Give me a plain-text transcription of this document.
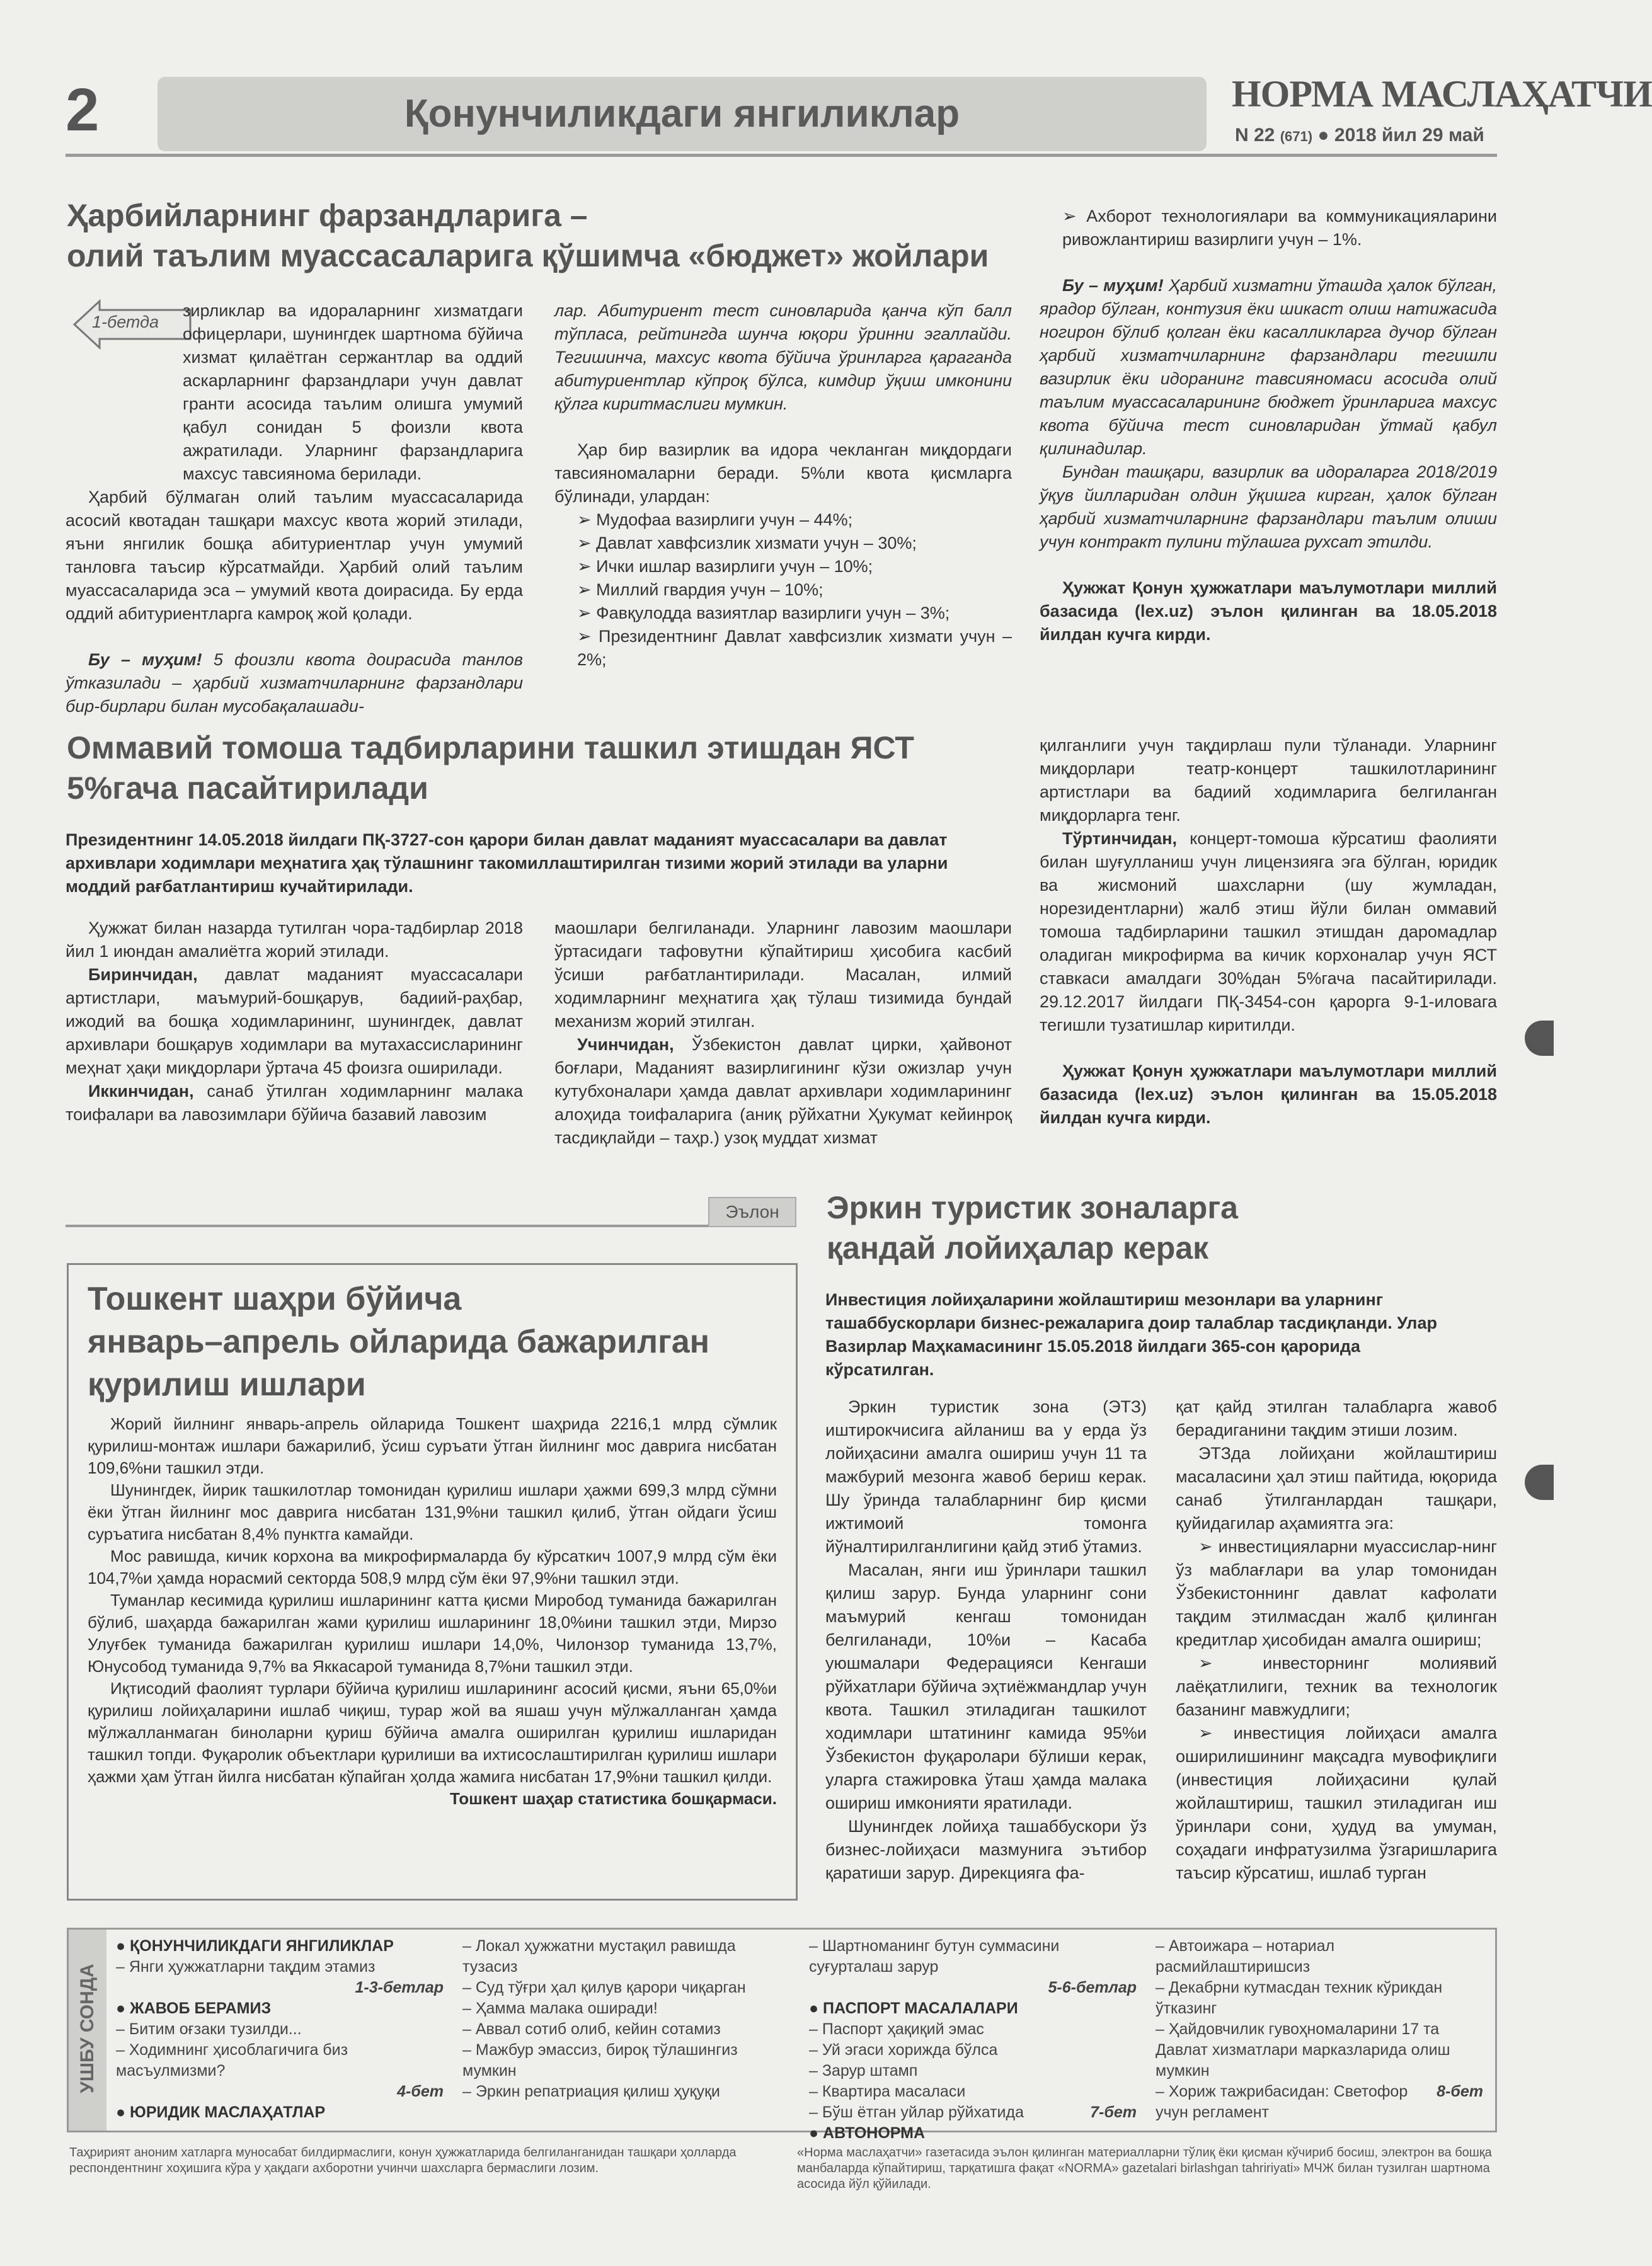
2	Қонунчиликдаги янгиликлар	НОРМА МАСЛАҲАТЧИ
N 22 (671) ● 2018 йил 29 май
Ҳарбийларнинг фарзандларига –
олий таълим муассасаларига қўшимча «бюджет» жойлари
1-бетда

зирликлар ва идораларнинг хизматдаги офицерлари, шунингдек шартнома бўйича хизмат қилаётган сержантлар ва оддий аскарларнинг фарзандлари учун давлат гранти асосида таълим олишга умумий қабул сонидан 5 фоизли квота ажратилади. Уларнинг фарзандларига махсус тавсиянома берилади.

Ҳарбий бўлмаган олий таълим муассасаларида асосий квотадан ташқари махсус квота жорий этилади, яъни янгилик бошқа абитуриентлар учун умумий танловга таъсир кўрсатмайди. Ҳарбий олий таълим муассасаларида эса – умумий квота доирасида. Бу ерда оддий абитуриентларга камроқ жой қолади.

Бу – муҳим! 5 фоизли квота доирасида танлов ўтказилади – ҳарбий хизматчиларнинг фарзандлари бир-бирлари билан мусобақалашади-

лар. Абитуриент тест синовларида қанча кўп балл тўпласа, рейтингда шунча юқори ўринни эгаллайди. Тегишинча, махсус квота бўйича ўринларга қараганда абитуриентлар кўпроқ бўлса, кимдир ўқиш имконини қўлга киритмаслиги мумкин.

Ҳар бир вазирлик ва идора чекланган миқдордаги тавсияномаларни беради. 5%ли квота қисмларга бўлинади, улардан:

➢ Мудофаа вазирлиги учун – 44%;
➢ Давлат хавфсизлик хизмати учун – 30%;
➢ Ички ишлар вазирлиги учун – 10%;
➢ Миллий гвардия учун – 10%;
➢ Фавқулодда вазиятлар вазирлиги учун – 3%;
➢ Президентнинг Давлат хавфсизлик хизмати учун – 2%;
➢ Ахборот технологиялари ва коммуникацияларини ривожлантириш вазирлиги учун – 1%.

Бу – муҳим! Ҳарбий хизматни ўташда ҳалок бўлган, ярадор бўлган, контузия ёки шикаст олиш натижасида ногирон бўлиб қолган ёки касалликларга дучор бўлган ҳарбий хизматчиларнинг фарзандлари тегишли вазирлик ёки идоранинг тавсияномаси асосида олий таълим муассасаларининг бюджет ўринларига махсус квота бўйича тест синовларидан ўтмай қабул қилинадилар.

Бундан ташқари, вазирлик ва идораларга 2018/2019 ўқув йилларидан олдин ўқишга кирган, ҳалок бўлган ҳарбий хизматчиларнинг фарзандлари таълим олиши учун контракт пулини тўлашга рухсат этилди.

Ҳужжат Қонун ҳужжатлари маълумотлари миллий базасида (lex.uz) эълон қилинган ва 18.05.2018 йилдан кучга кирди.

Оммавий томоша тадбирларини ташкил этишдан ЯСТ
5%гача пасайтирилади
Президентнинг 14.05.2018 йилдаги ПҚ-3727-сон қарори билан давлат маданият муассасалари ва давлат архивлари ходимлари меҳнатига ҳақ тўлашнинг такомиллаштирилган тизими жорий этилади ва уларни моддий рағбатлантириш кучайтирилади.

Ҳужжат билан назарда тутилган чора-тадбирлар 2018 йил 1 июндан амалиётга жорий этилади.

Биринчидан, давлат маданият муассасалари артистлари, маъмурий-бошқарув, бадиий-раҳбар, ижодий ва бошқа ходимларининг, шунингдек, давлат архивлари бошқарув ходимлари ва мутахассисларининг меҳнат ҳақи миқдорлари ўртача 45 фоизга оширилади.

Иккинчидан, санаб ўтилган ходимларнинг малака тоифалари ва лавозимлари бўйича базавий лавозим

маошлари белгиланади. Уларнинг лавозим маошлари ўртасидаги тафовутни кўпайтириш ҳисобига касбий ўсиши рағбатлантирилади. Масалан, илмий ходимларнинг меҳнатига ҳақ тўлаш тизимида бундай механизм жорий этилган.

Учинчидан, Ўзбекистон давлат цирки, ҳайвонот боғлари, Маданият вазирлигининг кўзи ожизлар учун кутубхоналари ҳамда давлат архивлари ходимларининг алоҳида тоифаларига (аниқ рўйхатни Ҳукумат кейинроқ тасдиқлайди – таҳр.) узоқ муддат хизмат

қилганлиги учун тақдирлаш пули тўланади. Уларнинг миқдорлари театр-концерт ташкилотларининг артистлари ва бадиий ходимларига белгиланган миқдорларга тенг.

Тўртинчидан, концерт-томоша кўрсатиш фаолияти билан шуғулланиш учун лицензияга эга бўлган, юридик ва жисмоний шахсларни (шу жумладан, норезидентларни) жалб этиш йўли билан оммавий томоша тадбирларини ташкил этишдан даромадлар оладиган микрофирма ва кичик корхоналар учун ЯСТ ставкаси амалдаги 30%дан 5%гача пасайтирилади. 29.12.2017 йилдаги ПҚ-3454-сон қарорга 9-1-иловага тегишли тузатишлар киритилди.

Ҳужжат Қонун ҳужжатлари маълумотлари миллий базасида (lex.uz) эълон қилинган ва 15.05.2018 йилдан кучга кирди.

Эълон
Тошкент шаҳри бўйича
январь–апрель ойларида бажарилган
қурилиш ишлари

Жорий йилнинг январь-апрель ойларида Тошкент шаҳрида 2216,1 млрд сўмлик қурилиш-монтаж ишлари бажарилиб, ўсиш суръати ўтган йилнинг мос даврига нисбатан 109,6%ни ташкил этди.

Шунингдек, йирик ташкилотлар томонидан қурилиш ишлари ҳажми 699,3 млрд сўмни ёки ўтган йилнинг мос даврига нисбатан 131,9%ни ташкил қилиб, ўтган ойдаги ўсиш суръатига нисбатан 8,4% пунктга камайди.

Мос равишда, кичик корхона ва микрофирмаларда бу кўрсаткич 1007,9 млрд сўм ёки 104,7%и ҳамда норасмий секторда 508,9 млрд сўм ёки 97,9%ни ташкил этди.

Туманлар кесимида қурилиш ишларининг катта қисми Миробод туманида бажарилган бўлиб, шаҳарда бажарилган жами қурилиш ишларининг 18,0%ини ташкил этди, Мирзо Улуғбек туманида бажарилган қурилиш ишлари 14,0%, Чилонзор туманида 13,7%, Юнусобод туманида 9,7% ва Яккасарой туманида 8,7%ни ташкил этди.

Иқтисодий фаолият турлари бўйича қурилиш ишларининг асосий қисми, яъни 65,0%и қурилиш лойиҳаларини ишлаб чиқиш, турар жой ва яшаш учун мўлжалланган ҳамда мўлжалланмаган биноларни қуриш бўйича амалга оширилган қурилиш ишларидан ташкил топди. Фуқаролик объектлари қурилиши ва ихтисослаштирилган қурилиш ишлари ҳажми ҳам ўтган йилга нисбатан кўпайган ҳолда жамига нисбатан 17,9%ни ташкил қилди.

Тошкент шаҳар статистика бошқармаси.
Эркин туристик зоналарга
қандай лойиҳалар керак
Инвестиция лойиҳаларини жойлаштириш мезонлари ва уларнинг ташаббускорлари бизнес-режаларига доир талаблар тасдиқланди. Улар Вазирлар Маҳкамасининг 15.05.2018 йилдаги 365-сон қарорида кўрсатилган.

Эркин туристик зона (ЭТЗ) иштирокчисига айланиш ва у ерда ўз лойиҳасини амалга ошириш учун 11 та мажбурий мезонга жавоб бериш керак. Шу ўринда талабларнинг бир қисми ижтимоий томонга йўналтирилганлигини қайд этиб ўтамиз.

Масалан, янги иш ўринлари ташкил қилиш зарур. Бунда уларнинг сони маъмурий кенгаш томонидан белгиланади, 10%и – Касаба уюшмалари Федерацияси Кенгаши рўйхатлари бўйича эҳтиёжмандлар учун квота. Ташкил этиладиган ташкилот ходимлари штатининг камида 95%и Ўзбекистон фуқаролари бўлиши керак, уларга стажировка ўташ ҳамда малака ошириш имконияти яратилади.

Шунингдек лойиҳа ташаббускори ўз бизнес-лойиҳаси мазмунига эътибор қаратиши зарур. Дирекцияга фа-

қат қайд этилган талабларга жавоб берадиганини тақдим этиши лозим.

ЭТЗда лойиҳани жойлаштириш масаласини ҳал этиш пайтида, юқорида санаб ўтилганлардан ташқари, қуйидагилар аҳамиятга эга:

➢ инвестицияларни муассислар-нинг ўз маблағлари ва улар томонидан Ўзбекистоннинг давлат кафолати тақдим этилмасдан жалб қилинган кредитлар ҳисобидан амалга ошириш;
➢ инвесторнинг молиявий лаёқатлилиги, техник ва технологик базанинг мавжудлиги;
➢ инвестиция лойиҳаси амалга оширилишининг мақсадга мувофиқлиги (инвестиция лойиҳасини қулай жойлаштириш, ташкил этиладиган иш ўринлари сони, ҳудуд ва умуман, соҳадаги инфратузилма ўзгаришларига таъсир кўрсатиш, ишлаб турган
УШБУ СОНДА
● ҚОНУНЧИЛИКДАГИ ЯНГИЛИКЛАР
– Янги ҳужжатларни тақдим этамиз
1-3-бетлар
● ЖАВОБ БЕРАМИЗ
– Битим оғзаки тузилди...
– Ходимнинг ҳисоблагичига биз масъулмизми?
4-бет
● ЮРИДИК МАСЛАҲАТЛАР
– Локал ҳужжатни мустақил равишда тузасиз
– Суд тўғри ҳал қилув қарори чиқарган
– Ҳамма малака оширади!
– Аввал сотиб олиб, кейин сотамиз
– Мажбур эмассиз, бироқ тўлашингиз мумкин
– Эркин репатриация қилиш ҳуқуқи
– Шартноманинг бутун суммасини суғурталаш зарур
5-6-бетлар
● ПАСПОРТ МАСАЛАЛАРИ
– Паспорт ҳақиқий эмас
– Уй эгаси хорижда бўлса
– Зарур штамп
– Квартира масалаcи
7-бет
– Бўш ётган уйлар рўйхатида
● АВТОНОРМА
– Автоижара – нотариал расмийлаштиришсиз
– Декабрни кутмасдан техник кўрикдан ўтказинг
– Ҳайдовчилик гувоҳномаларини 17 та Давлат хизматлари марказларида олиш мумкин
8-бет
– Хориж тажрибасидан: Светофор учун регламент
Таҳририят аноним хатларга муносабат билдирмаслиги, конун ҳужжатларида белгиланганидан ташқари ҳолларда респондентнинг хоҳишига кўра у ҳақдаги ахборотни учинчи шахсларга бермаслиги лозим.
«Норма маслаҳатчи» газетасида эълон қилинган материалларни тўлиқ ёки қисман кўчириб босиш, электрон ва бошқа манбаларда кўпайтириш, тарқатишга фақат «NORMA» gazetalari birlashgan tahririyati» МЧЖ билан тузилган шартнома асосида йўл қўйилади.
